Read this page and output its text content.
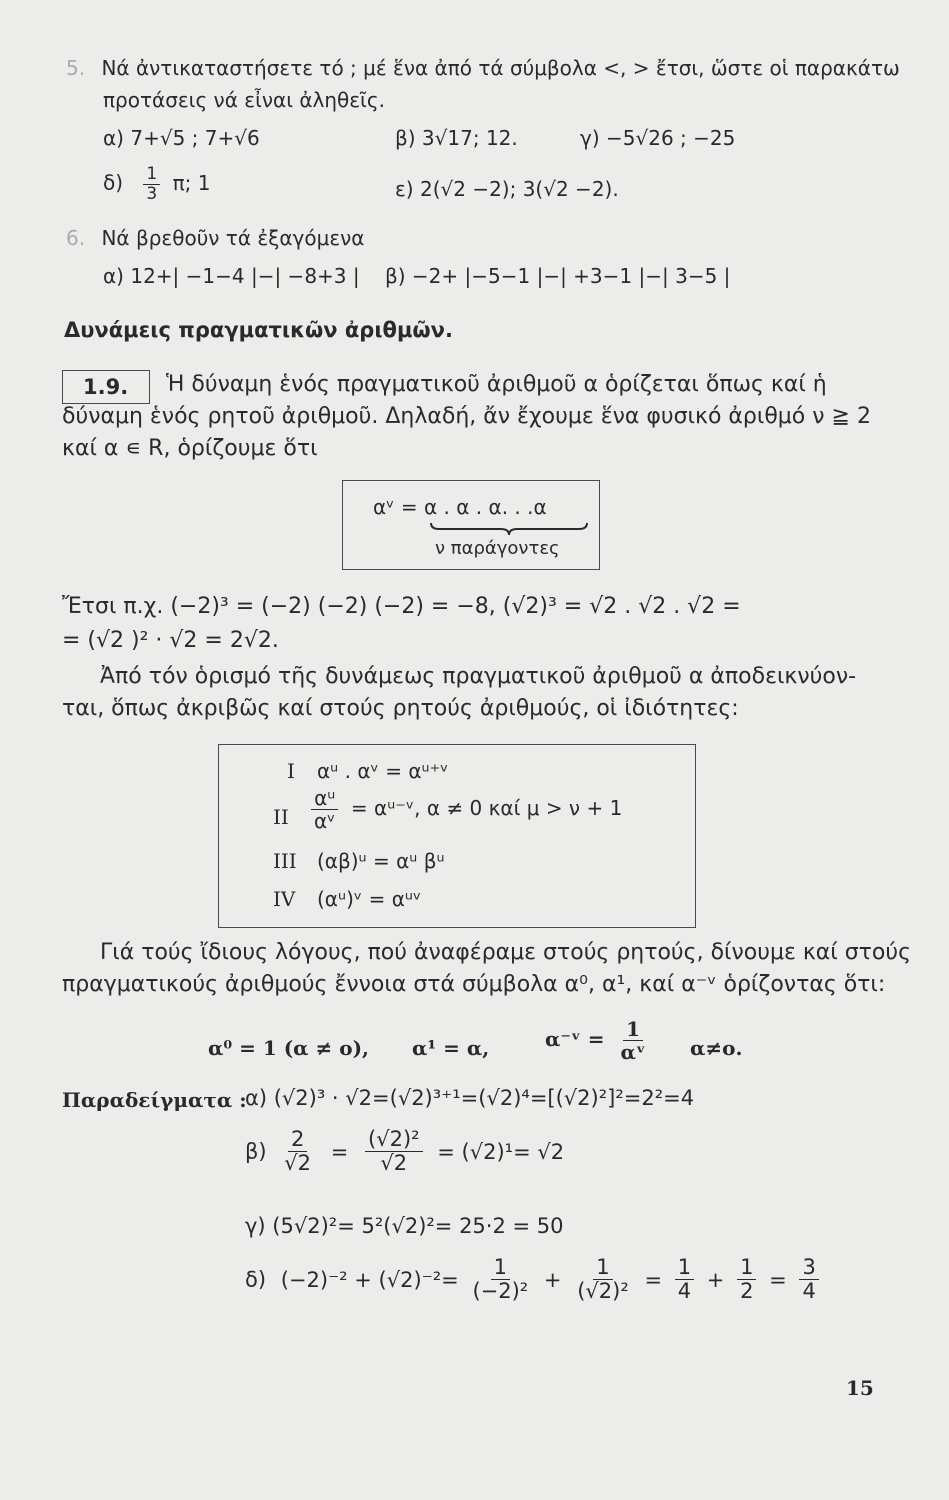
5. Νά ἀντικαταστήσετε τό ; μέ ἕνα ἀπό τά σύμβολα <, > ἔτσι, ὥστε οἱ παρακάτω
προτάσεις νά εἶναι ἀληθεῖς.
α) 7+√5 ; 7+√6	β) 3√17; 12.	γ) −5√26 ; −25
$\delta) \frac{1}{3} \pi$; 1	ε) 2(√2 −2); 3(√2 −2).
6. Νά βρεθοῦν τά ἐξαγόμενα
α) 12+| −1−4 |−| −8+3 | β) −2+ |−5−1 |−| +3−1 |−| 3−5 |
Δυνάμεις πραγματικῶν ἀριθμῶν.
1.9. Ἡ δύναμη ἑνός πραγματικοῦ ἀριθμοῦ α ὁρίζεται ὅπως καί ἡ
δύναμη ἑνός ρητοῦ ἀριθμοῦ. Δηλαδή, ἄν ἔχουμε ἕνα φυσικό ἀριθμό ν ≧ 2
καί α ∊ R, ὁρίζουμε ὅτι
αᵛ = α . α . α. . .α
ν παράγοντες
Ἔτσι π.χ. (−2)³ = (−2) (−2) (−2) = −8, (√2)³ = √2 . √2 . √2 =
= (√2 )² · √2 = 2√2.
Ἀπό τόν ὁρισμό τῆς δυνάμεως πραγματικοῦ ἀριθμοῦ α ἀποδεικνύον-
ται, ὅπως ἀκριβῶς καί στούς ρητούς ἀριθμούς, οἱ ἰδιότητες:
I αᵘ . αᵛ = αᵘ⁺ᵛ
II $\frac{\text{αᵘ}}{\text{αᵛ}}$ = αᵘ⁻ᵛ, α ≠ 0 καί μ > ν + 1
III (αβ)ᵘ = αᵘ βᵘ
IV (αᵘ)ᵛ = αᵘᵛ
Γιά τούς ἴδιους λόγους, πού ἀναφέραμε στούς ρητούς, δίνουμε καί στούς
πραγματικούς ἀριθμούς ἔννοια στά σύμβολα α⁰, α¹, καί α⁻ᵛ ὁρίζοντας ὅτι:
α⁰ = 1 (α ≠ ο), α¹ = α,	α⁻ᵛ = $\frac{1}{\text{αᵛ}} \alpha\ne o$.
Παραδείγματα :
α) (√2)³ · √2=(√2)³⁺¹=(√2)⁴=[(√2)²]²=2²=4
$\beta) \frac{2}{√2} = \frac{\text{(√2)²}}{√2} = (√2)^1= √2$
γ) (5√2)²= 5²(√2)²= 25·2 = 50
δ) $(-2)^{-2} + (√2)^{-2}= \frac{1}{\text{(−2)²}} + \frac{1}{\text{(√2)²}} = \frac{1}{4} + \frac{1}{2} = \frac{3}{4}$
15
